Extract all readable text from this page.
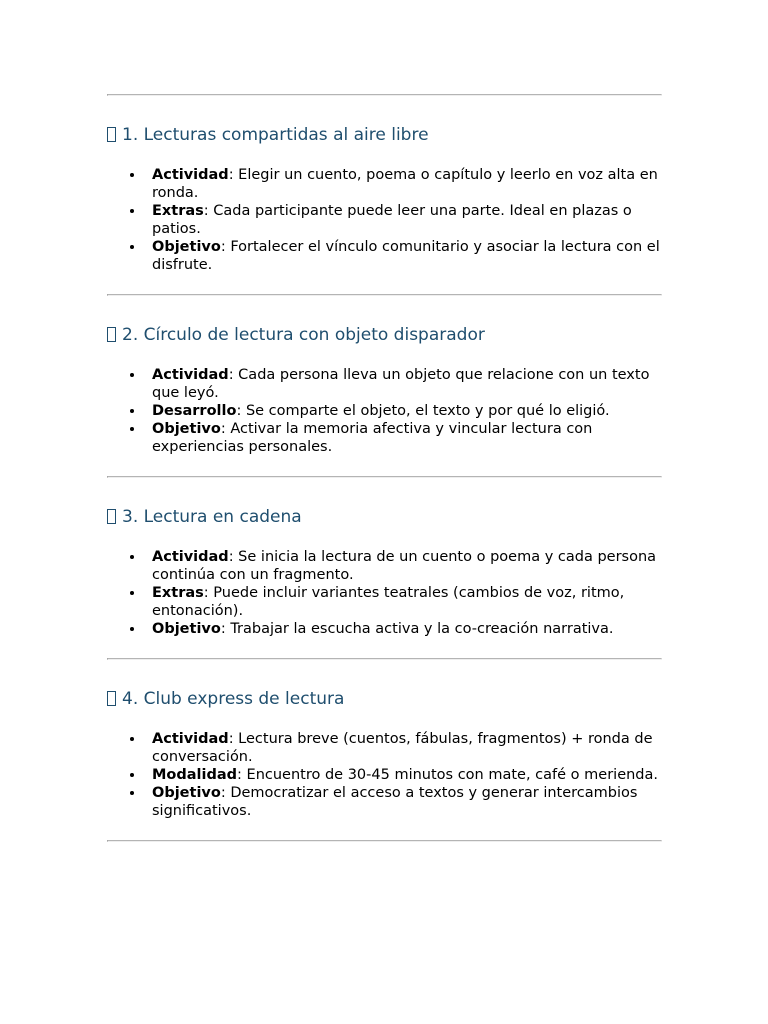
1. Lecturas compartidas al aire libre
Actividad: Elegir un cuento, poema o capítulo y leerlo en voz alta en ronda.
Extras: Cada participante puede leer una parte. Ideal en plazas o patios.
Objetivo: Fortalecer el vínculo comunitario y asociar la lectura con el disfrute.
2. Círculo de lectura con objeto disparador
Actividad: Cada persona lleva un objeto que relacione con un texto que leyó.
Desarrollo: Se comparte el objeto, el texto y por qué lo eligió.
Objetivo: Activar la memoria afectiva y vincular lectura con experiencias personales.
3. Lectura en cadena
Actividad: Se inicia la lectura de un cuento o poema y cada persona continúa con un fragmento.
Extras: Puede incluir variantes teatrales (cambios de voz, ritmo, entonación).
Objetivo: Trabajar la escucha activa y la co-creación narrativa.
4. Club express de lectura
Actividad: Lectura breve (cuentos, fábulas, fragmentos) + ronda de conversación.
Modalidad: Encuentro de 30-45 minutos con mate, café o merienda.
Objetivo: Democratizar el acceso a textos y generar intercambios significativos.
